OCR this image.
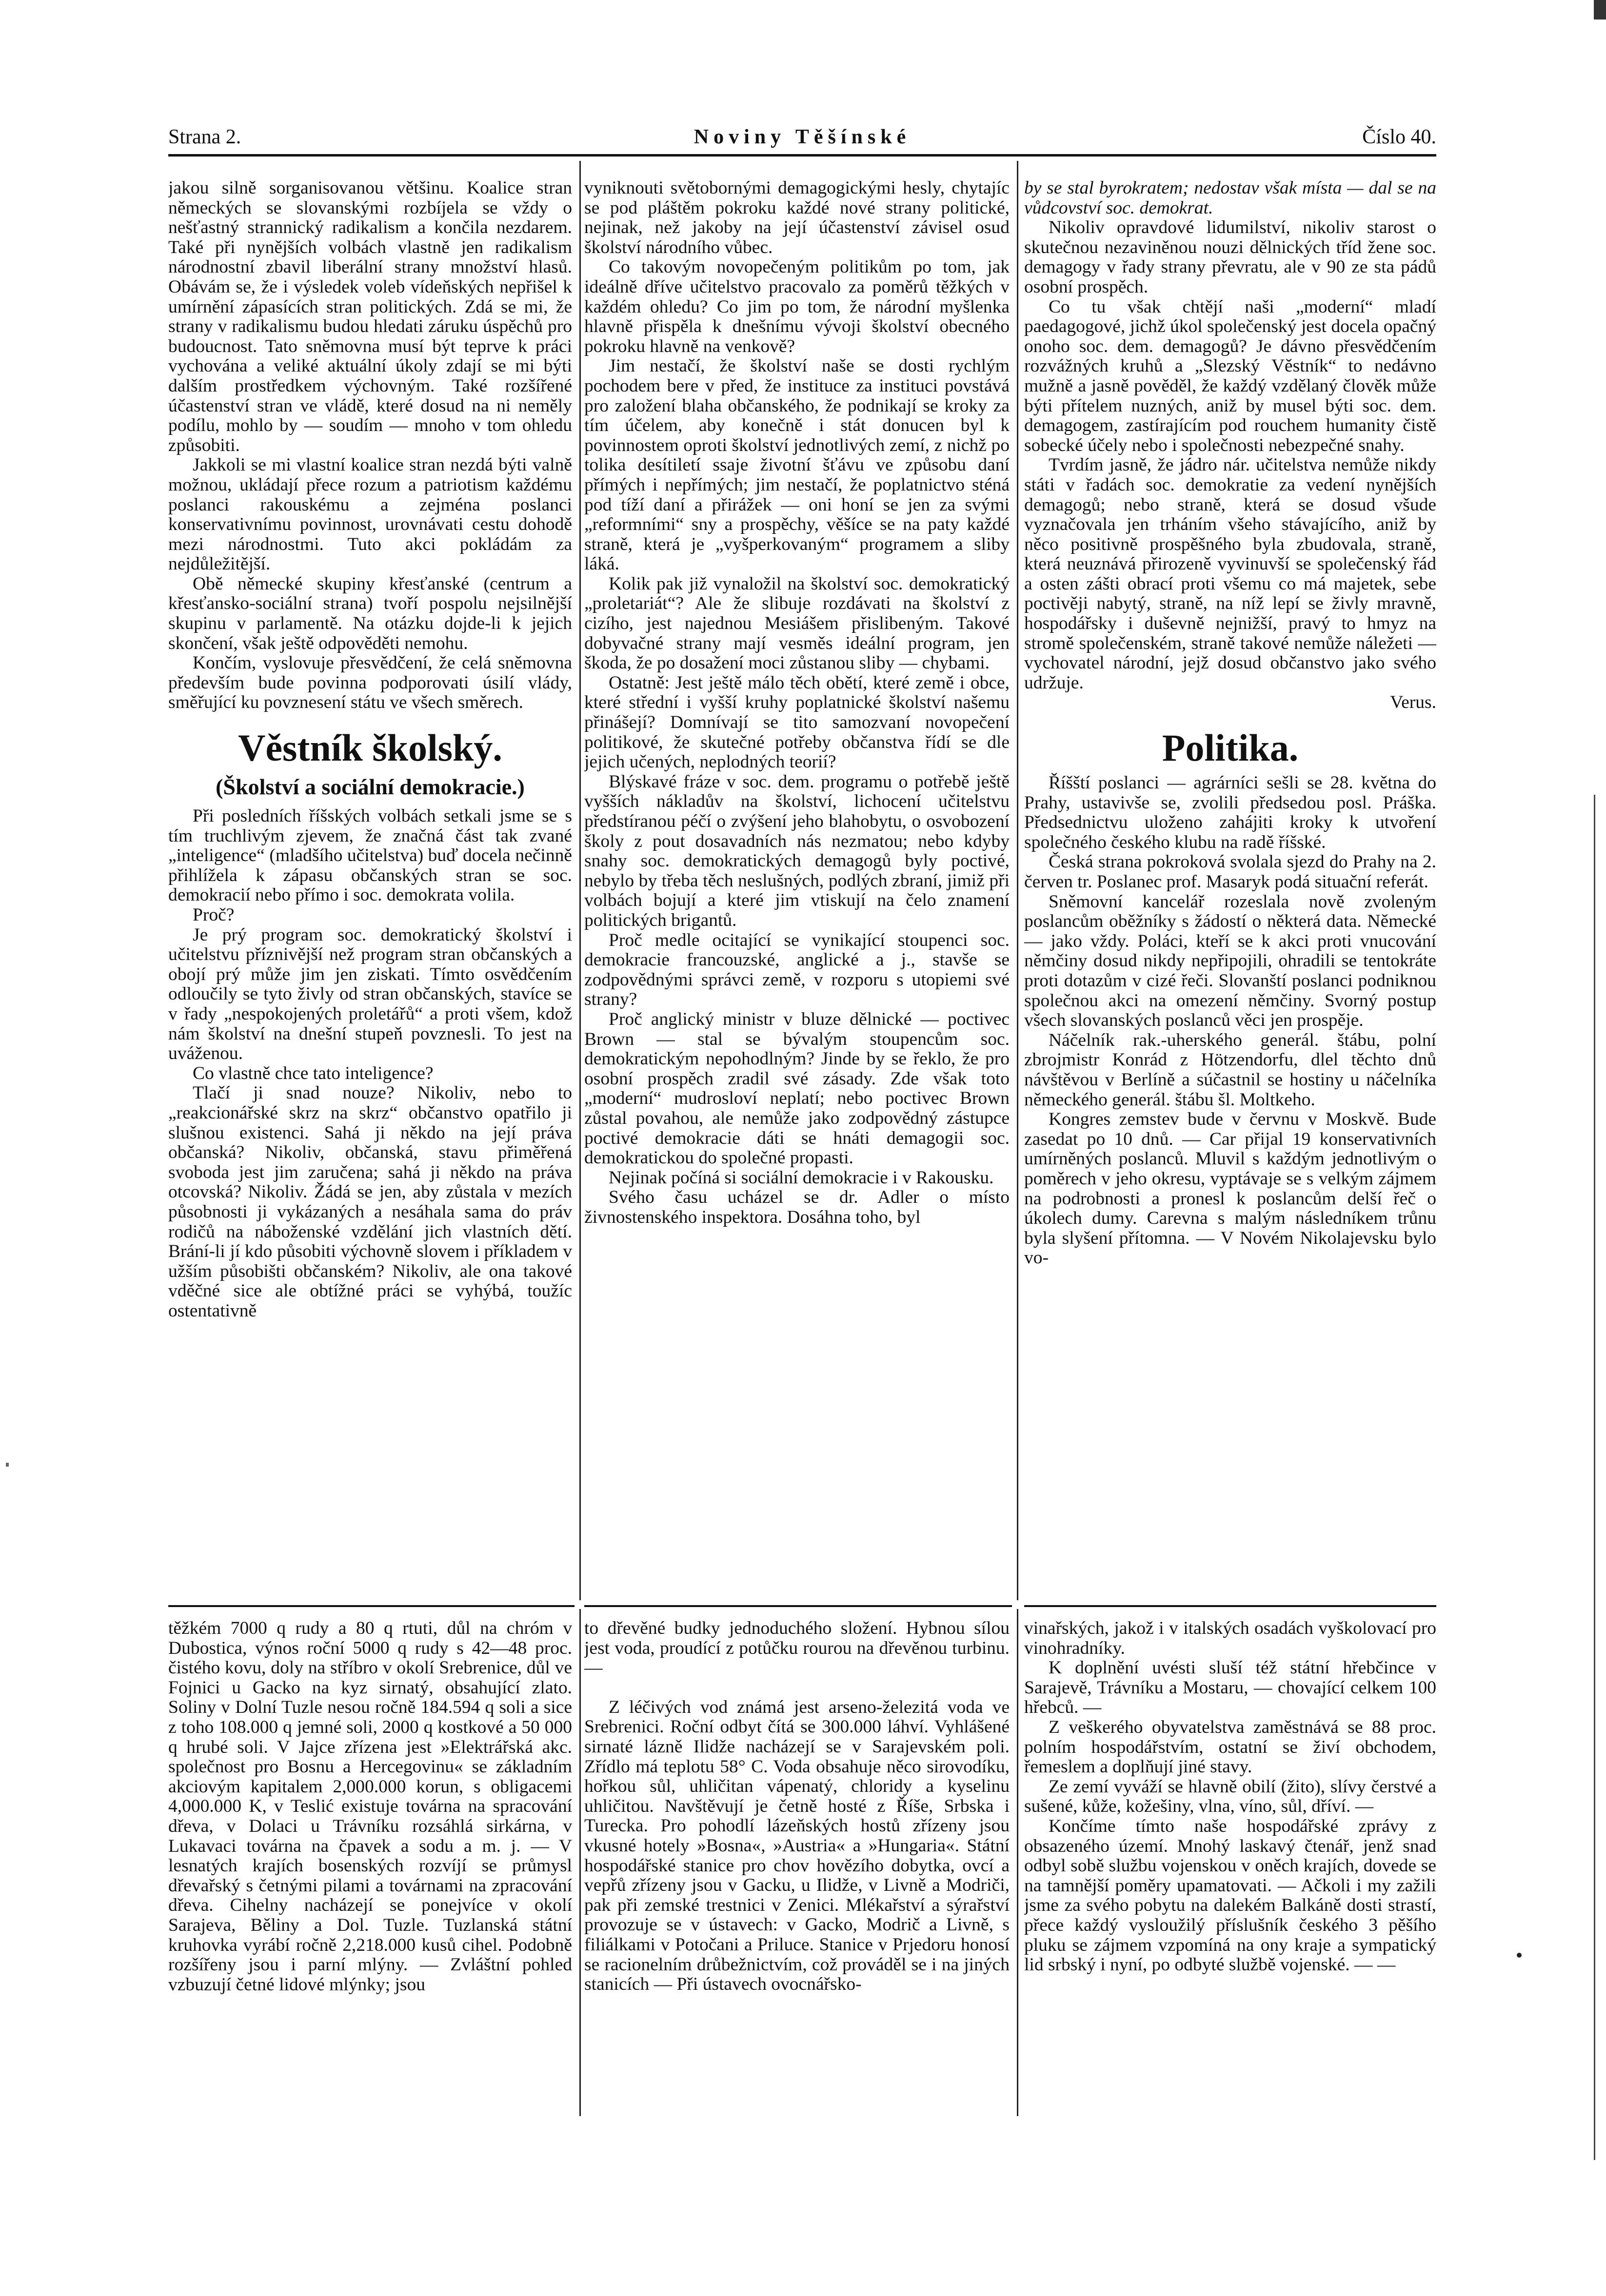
Strana 2.	Noviny Těšínské	Číslo 40.

jakou silně sorganisovanou většinu. Koalice stran německých se slovanskými rozbíjela se vždy o nešťastný strannický radikalism a končila nezdarem. Také při nynějších volbách vlastně jen radikalism národnostní zbavil liberální strany množství hlasů. Obávám se, že i výsledek voleb vídeňských nepřišel k umírnění zápasících stran politických. Zdá se mi, že strany v radikalismu budou hledati záruku úspěchů pro budoucnost. Tato sněmovna musí být teprve k práci vychována a veliké aktuální úkoly zdají se mi býti dalším prostředkem výchovným. Také rozšířené účastenství stran ve vládě, které dosud na ni neměly podílu, mohlo by — soudím — mnoho v tom ohledu způsobiti.

Jakkoli se mi vlastní koalice stran nezdá býti valně možnou, ukládají přece rozum a patriotism každému poslanci rakouskému a zejména poslanci konservativnímu povinnost, urovnávati cestu dohodě mezi národnostmi. Tuto akci pokládám za nejdůležitější.

Obě německé skupiny křesťanské (centrum a křesťansko-sociální strana) tvoří pospolu nejsilnější skupinu v parlamentě. Na otázku dojde-li k jejich skončení, však ještě odpověděti nemohu.

Končím, vyslovuje přesvědčení, že celá sněmovna především bude povinna podporovati úsilí vlády, směřující ku povznesení státu ve všech směrech.

Věstník školský.
(Školství a sociální demokracie.)

Při posledních říšských volbách setkali jsme se s tím truchlivým zjevem, že značná část tak zvané „inteligence“ (mladšího učitelstva) buď docela nečinně přihlížela k zápasu občanských stran se soc. demokracií nebo přímo i soc. demokrata volila.

Proč?

Je prý program soc. demokratický školství i učitelstvu příznivější než program stran občanských a obojí prý může jim jen ziskati. Tímto osvědčením odloučily se tyto živly od stran občanských, stavíce se v řady „nespokojených proletářů“ a proti všem, kdož nám školství na dnešní stupeň povznesli. To jest na uváženou.

Co vlastně chce tato inteligence?

Tlačí ji snad nouze? Nikoliv, nebo to „reakcionářské skrz na skrz“ občanstvo opatřilo ji slušnou existenci. Sahá ji někdo na její práva občanská? Nikoliv, občanská, stavu přiměřená svoboda jest jim zaručena; sahá ji někdo na práva otcovská? Nikoliv. Žádá se jen, aby zůstala v mezích působnosti ji vykázaných a nesáhala sama do práv rodičů na náboženské vzdělání jich vlastních dětí. Brání-li jí kdo působiti výchovně slovem i příkladem v užším působišti občanském? Nikoliv, ale ona takové vděčné sice ale obtížné práci se vyhýbá, toužíc ostentativně

vyniknouti světobornými demagogickými hesly, chytajíc se pod pláštěm pokroku každé nové strany politické, nejinak, než jakoby na její účastenství závisel osud školství národního vůbec.

Co takovým novopečeným politikům po tom, jak ideálně dříve učitelstvo pracovalo za poměrů těžkých v každém ohledu? Co jim po tom, že národní myšlenka hlavně přispěla k dnešnímu vývoji školství obecného pokroku hlavně na venkově?

Jim nestačí, že školství naše se dosti rychlým pochodem bere v před, že instituce za instituci povstává pro založení blaha občanského, že podnikají se kroky za tím účelem, aby konečně i stát donucen byl k povinnostem oproti školství jednotlivých zemí, z nichž po tolika desítiletí ssaje životní šťávu ve způsobu daní přímých i nepřímých; jim nestačí, že poplatnictvo sténá pod tíží daní a přirážek — oni honí se jen za svými „reformními“ sny a prospěchy, věšíce se na paty každé straně, která je „vyšperkovaným“ programem a sliby láká.

Kolik pak již vynaložil na školství soc. demokratický „proletariát“? Ale že slibuje rozdávati na školství z cizího, jest najednou Mesiášem přislibeným. Takové dobyvačné strany mají vesměs ideální program, jen škoda, že po dosažení moci zůstanou sliby — chybami.

Ostatně: Jest ještě málo těch obětí, které země i obce, které střední i vyšší kruhy poplatnické školství našemu přinášejí? Domnívají se tito samozvaní novopečení politikové, že skutečné potřeby občanstva řídí se dle jejich učených, neplodných teorií?

Blýskavé fráze v soc. dem. programu o potřebě ještě vyšších nákladův na školství, lichocení učitelstvu předstíranou péčí o zvýšení jeho blahobytu, o osvobození školy z pout dosavadních nás nezmatou; nebo kdyby snahy soc. demokratických demagogů byly poctivé, nebylo by třeba těch neslušných, podlých zbraní, jimiž při volbách bojují a které jim vtiskují na čelo znamení politických brigantů.

Proč medle ocitající se vynikající stoupenci soc. demokracie francouzské, anglické a j., stavše se zodpovědnými správci země, v rozporu s utopiemi své strany?

Proč anglický ministr v bluze dělnické — poctivec Brown — stal se bývalým stoupencům soc. demokratickým nepohodlným? Jinde by se řeklo, že pro osobní prospěch zradil své zásady. Zde však toto „moderní“ mudrosloví neplatí; nebo poctivec Brown zůstal povahou, ale nemůže jako zodpovědný zástupce poctivé demokracie dáti se hnáti demagogii soc. demokratickou do společné propasti.

Nejinak počíná si sociální demokracie i v Rakousku.

Svého času ucházel se dr. Adler o místo živnostenského inspektora. Dosáhna toho, byl

by se stal byrokratem; nedostav však místa — dal se na vůdcovství soc. demokrat.

Nikoliv opravdové lidumilství, nikoliv starost o skutečnou nezaviněnou nouzi dělnických tříd žene soc. demagogy v řady strany převratu, ale v 90 ze sta pádů osobní prospěch.

Co tu však chtějí naši „moderní“ mladí paedagogové, jichž úkol společenský jest docela opačný onoho soc. dem. demagogů? Je dávno přesvědčením rozvážných kruhů a „Slezský Věstník“ to nedávno mužně a jasně pověděl, že každý vzdělaný člověk může býti přítelem nuzných, aniž by musel býti soc. dem. demagogem, zastírajícím pod rouchem humanity čistě sobecké účely nebo i společnosti nebezpečné snahy.

Tvrdím jasně, že jádro nár. učitelstva nemůže nikdy státi v řadách soc. demokratie za vedení nynějších demagogů; nebo straně, která se dosud všude vyznačovala jen trháním všeho stávajícího, aniž by něco positivně prospěšného byla zbudovala, straně, která neuznává přirozeně vyvinuvší se společenský řád a osten zášti obrací proti všemu co má majetek, sebe poctivěji nabytý, straně, na níž lepí se živly mravně, hospodářsky i duševně nejnižší, pravý to hmyz na stromě společenském, straně takové nemůže náležeti — vychovatel národní, jejž dosud občanstvo jako svého udržuje.

Verus.
Politika.

Říšští poslanci — agrárníci sešli se 28. května do Prahy, ustavivše se, zvolili předsedou posl. Práška. Předsednictvu uloženo zahájiti kroky k utvoření společného českého klubu na radě říšské.

Česká strana pokroková svolala sjezd do Prahy na 2. červen tr. Poslanec prof. Masaryk podá situační referát.

Sněmovní kancelář rozeslala nově zvoleným poslancům oběžníky s žádostí o některá data. Německé — jako vždy. Poláci, kteří se k akci proti vnucování němčiny dosud nikdy nepřipojili, ohradili se tentokráte proti dotazům v cizé řeči. Slovanští poslanci podniknou společnou akci na omezení němčiny. Svorný postup všech slovanských poslanců věci jen prospěje.

Náčelník rak.-uherského generál. štábu, polní zbrojmistr Konrád z Hötzendorfu, dlel těchto dnů návštěvou v Berlíně a súčastnil se hostiny u náčelníka německého generál. štábu šl. Moltkeho.

Kongres zemstev bude v červnu v Moskvě. Bude zasedat po 10 dnů. — Car přijal 19 konservativních umírněných poslanců. Mluvil s každým jednotlivým o poměrech v jeho okresu, vyptávaje se s velkým zájmem na podrobnosti a pronesl k poslancům delší řeč o úkolech dumy. Carevna s malým následníkem trůnu byla slyšení přítomna. — V Novém Nikolajevsku bylo vo-

těžkém 7000 q rudy a 80 q rtuti, důl na chróm v Dubostica, výnos roční 5000 q rudy s 42—48 proc. čistého kovu, doly na stříbro v okolí Srebrenice, důl ve Fojnici u Gacko na kyz sirnatý, obsahující zlato. Soliny v Dolní Tuzle nesou ročně 184.594 q soli a sice z toho 108.000 q jemné soli, 2000 q kostkové a 50 000 q hrubé soli. V Jajce zřízena jest »Elektrářská akc. společnost pro Bosnu a Hercegovinu« se základním akciovým kapitalem 2,000.000 korun, s obligacemi 4,000.000 K, v Teslić existuje továrna na spracování dřeva, v Dolaci u Trávníku rozsáhlá sirkárna, v Lukavaci továrna na čpavek a sodu a m. j. — V lesnatých krajích bosenských rozvíjí se průmysl dřevařský s četnými pilami a továrnami na zpracování dřeva. Cihelny nacházejí se ponejvíce v okolí Sarajeva, Běliny a Dol. Tuzle. Tuzlanská státní kruhovka vyrábí ročně 2,218.000 kusů cihel. Podobně rozšířeny jsou i parní mlýny. — Zvláštní pohled vzbuzují četné lidové mlýnky; jsou

to dřevěné budky jednoduchého složení. Hybnou sílou jest voda, proudící z potůčku rourou na dřevěnou turbinu. —

Z léčivých vod známá jest arseno-železitá voda ve Srebrenici. Roční odbyt čítá se 300.000 láhví. Vyhlášené sirnaté lázně Ilidže nacházejí se v Sarajevském poli. Zřídlo má teplotu 58° C. Voda obsahuje něco sirovodíku, hořkou sůl, uhličitan vápenatý, chloridy a kyselinu uhličitou. Navštěvují je četně hosté z Říše, Srbska i Turecka. Pro pohodlí lázeňských hostů zřízeny jsou vkusné hotely »Bosna«, »Austria« a »Hungaria«. Státní hospodářské stanice pro chov hovězího dobytka, ovcí a vepřů zřízeny jsou v Gacku, u Ilidže, v Livně a Modriči, pak při zemské trestnici v Zenici. Mlékařství a sýrařství provozuje se v ústavech: v Gacko, Modrič a Livně, s filiálkami v Potočani a Priluce. Stanice v Prjedoru honosí se racionelním drůbežnictvím, což prováděl se i na jiných stanicích — Při ústavech ovocnářsko-

vinařských, jakož i v italských osadách vyškolovací pro vinohradníky.

K doplnění uvésti sluší též státní hřebčince v Sarajevě, Trávníku a Mostaru, — chovající celkem 100 hřebců. —

Z veškerého obyvatelstva zaměstnává se 88 proc. polním hospodářstvím, ostatní se živí obchodem, řemeslem a doplňují jiné stavy.

Ze zemí vyváží se hlavně obilí (žito), slívy čerstvé a sušené, kůže, kožešiny, vlna, víno, sůl, dříví. —

Končíme tímto naše hospodářské zprávy z obsazeného území. Mnohý laskavý čtenář, jenž snad odbyl sobě službu vojenskou v oněch krajích, dovede se na tamnější poměry upamatovati. — Ačkoli i my zažili jsme za svého pobytu na dalekém Balkáně dosti strastí, přece každý vysloužilý příslušník českého 3 pěšího pluku se zájmem vzpomíná na ony kraje a sympatický lid srbský i nyní, po odbyté službě vojenské. — —
